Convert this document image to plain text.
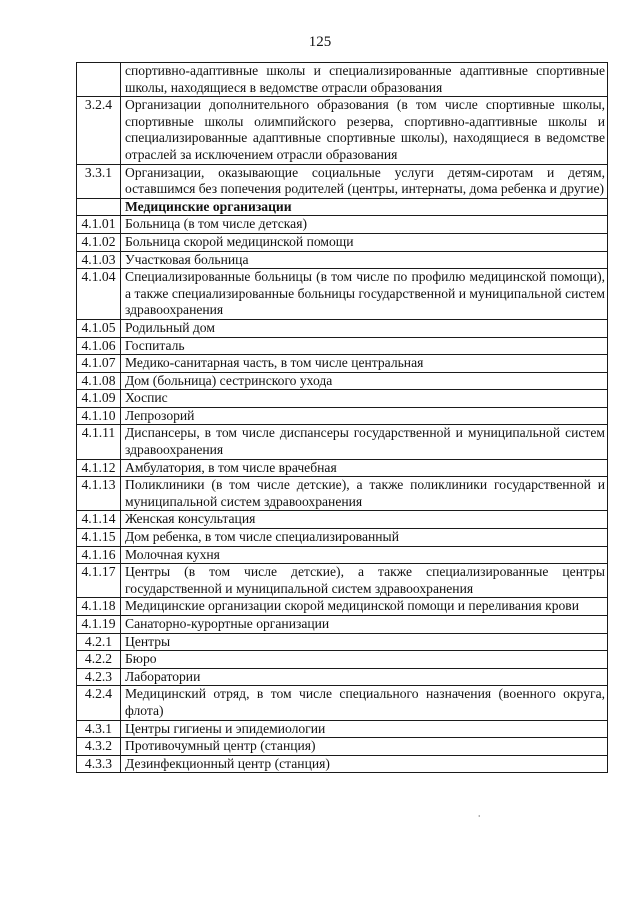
125
	спортивно-адаптивные школы и специализированные адаптивные спортивные школы, находящиеся в ведомстве отрасли образования
3.2.4	Организации дополнительного образования (в том числе спортивные школы, спортивные школы олимпийского резерва, спортивно-адаптивные школы и специализированные адаптивные спортивные школы), находящиеся в ведомстве отраслей за исключением отрасли образования
3.3.1	Организации, оказывающие социальные услуги детям-сиротам и детям, оставшимся без попечения родителей (центры, интернаты, дома ребенка и другие)
	Медицинские организации
4.1.01	Больница (в том числе детская)
4.1.02	Больница скорой медицинской помощи
4.1.03	Участковая больница
4.1.04	Специализированные больницы (в том числе по профилю медицинской помощи), а также специализированные больницы государственной и муниципальной систем здравоохранения
4.1.05	Родильный дом
4.1.06	Госпиталь
4.1.07	Медико-санитарная часть, в том числе центральная
4.1.08	Дом (больница) сестринского ухода
4.1.09	Хоспис
4.1.10	Лепрозорий
4.1.11	Диспансеры, в том числе диспансеры государственной и муниципальной систем здравоохранения
4.1.12	Амбулатория, в том числе врачебная
4.1.13	Поликлиники (в том числе детские), а также поликлиники государственной и муниципальной систем здравоохранения
4.1.14	Женская консультация
4.1.15	Дом ребенка, в том числе специализированный
4.1.16	Молочная кухня
4.1.17	Центры (в том числе детские), а также специализированные центры государственной и муниципальной систем здравоохранения
4.1.18	Медицинские организации скорой медицинской помощи и переливания крови
4.1.19	Санаторно-курортные организации
4.2.1	Центры
4.2.2	Бюро
4.2.3	Лаборатории
4.2.4	Медицинский отряд, в том числе специального назначения (военного округа, флота)
4.3.1	Центры гигиены и эпидемиологии
4.3.2	Противочумный центр (станция)
4.3.3	Дезинфекционный центр (станция)
⸱
